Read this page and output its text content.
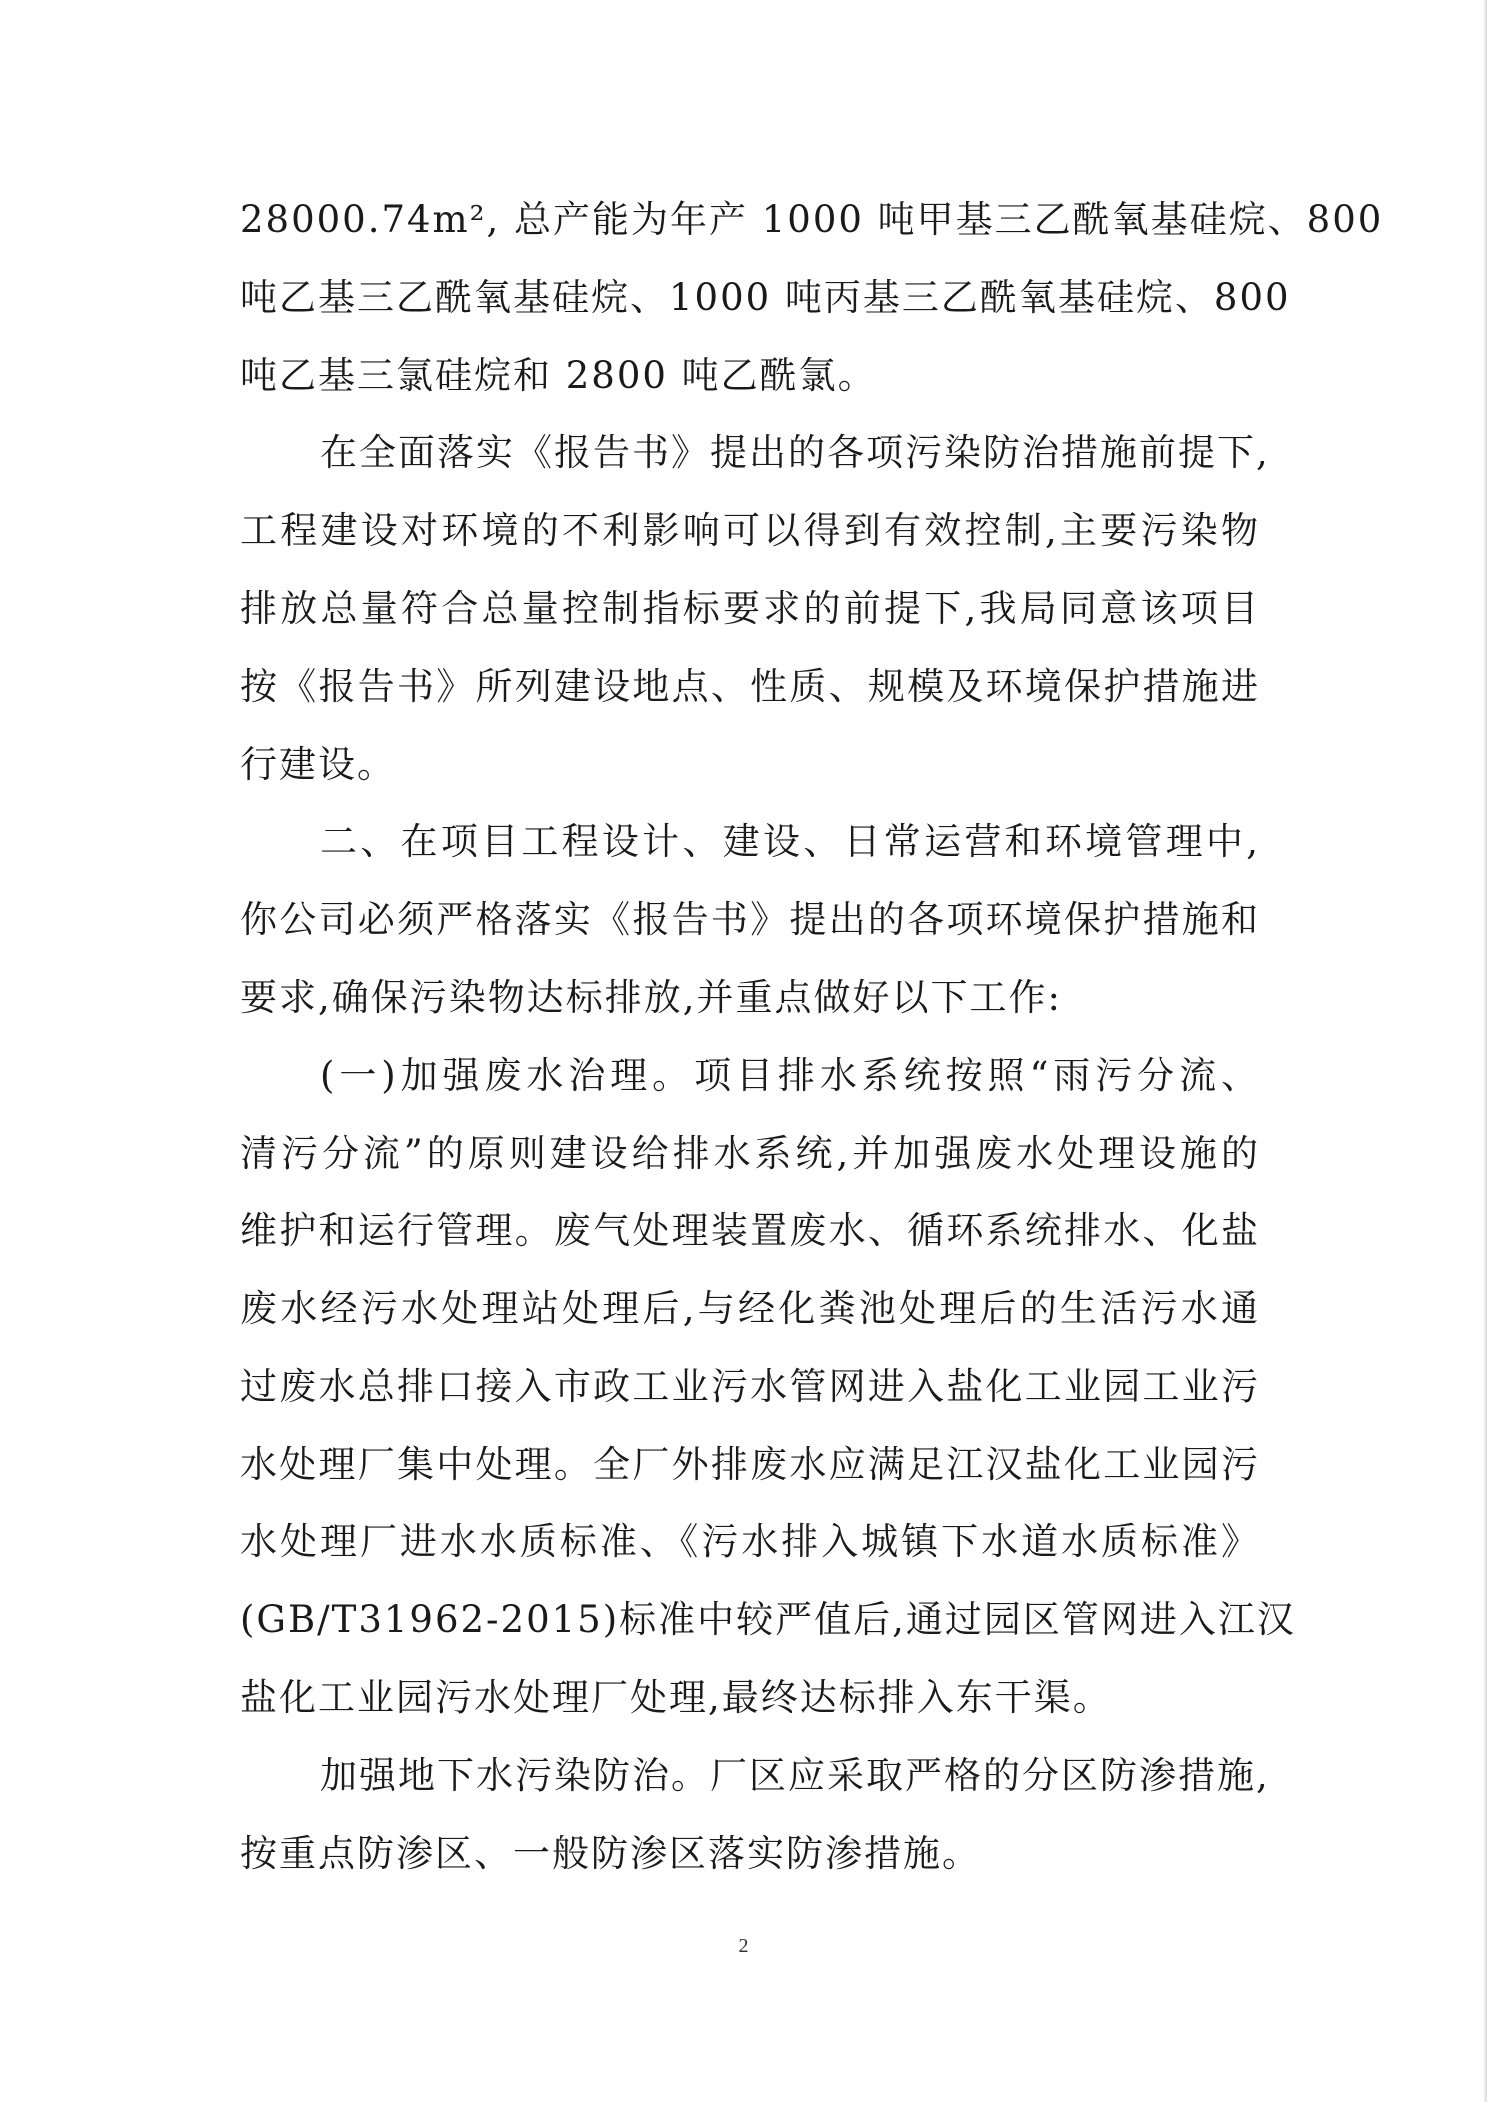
28000.74m², 总产能为年产 1000 吨甲基三乙酰氧基硅烷、800
吨乙基三乙酰氧基硅烷、1000 吨丙基三乙酰氧基硅烷、800
吨乙基三氯硅烷和 2800 吨乙酰氯。
在全面落实《报告书》提出的各项污染防治措施前提下,
工程建设对环境的不利影响可以得到有效控制,主要污染物
排放总量符合总量控制指标要求的前提下,我局同意该项目
按《报告书》所列建设地点、性质、规模及环境保护措施进
行建设。
二、在项目工程设计、建设、日常运营和环境管理中,
你公司必须严格落实《报告书》提出的各项环境保护措施和
要求,确保污染物达标排放,并重点做好以下工作:
(一)加强废水治理。项目排水系统按照“雨污分流、
清污分流”的原则建设给排水系统,并加强废水处理设施的
维护和运行管理。废气处理装置废水、循环系统排水、化盐
废水经污水处理站处理后,与经化粪池处理后的生活污水通
过废水总排口接入市政工业污水管网进入盐化工业园工业污
水处理厂集中处理。全厂外排废水应满足江汉盐化工业园污
水处理厂进水水质标准、《污水排入城镇下水道水质标准》
(GB/T31962-2015)标准中较严值后,通过园区管网进入江汉
盐化工业园污水处理厂处理,最终达标排入东干渠。
加强地下水污染防治。厂区应采取严格的分区防渗措施,
按重点防渗区、一般防渗区落实防渗措施。
2
